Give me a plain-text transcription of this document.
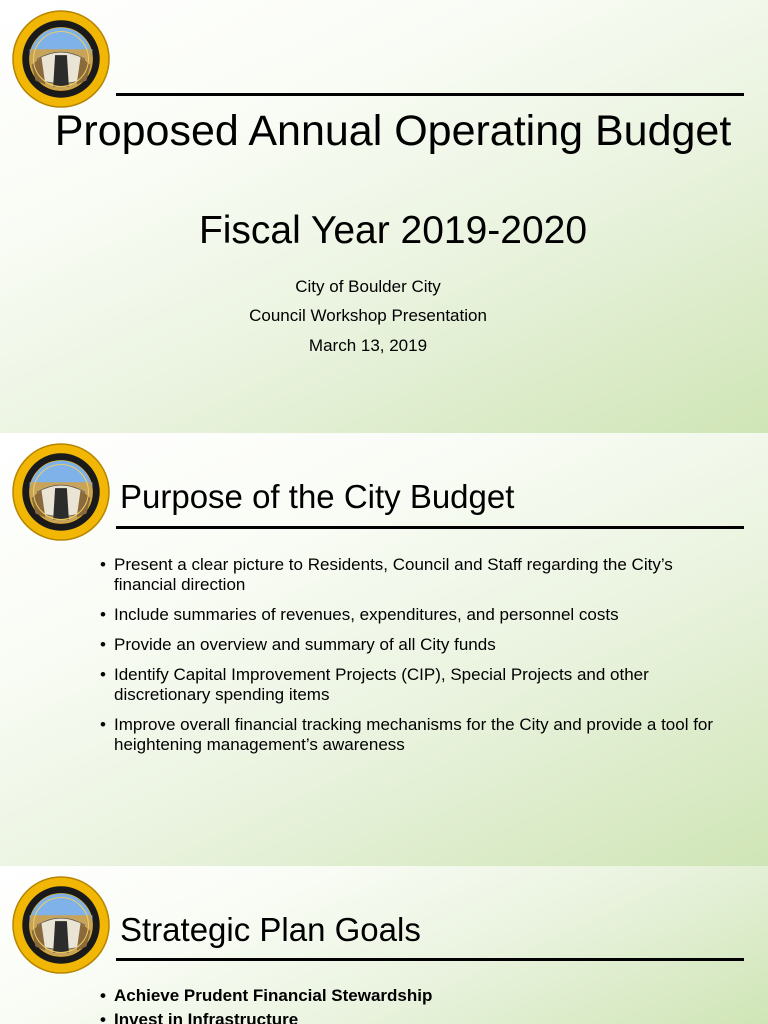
Proposed Annual Operating Budget
Fiscal Year 2019-2020
City of Boulder City
Council Workshop Presentation
March 13, 2019
Purpose of the City Budget
• Present a clear picture to Residents, Council and Staff regarding the City’s financial direction
• Include summaries of revenues, expenditures, and personnel costs
• Provide an overview and summary of all City funds
• Identify Capital Improvement Projects (CIP), Special Projects and other discretionary spending items
• Improve overall financial tracking mechanisms for the City and provide a tool for heightening management’s awareness
Strategic Plan Goals
• Achieve Prudent Financial Stewardship
• Invest in Infrastructure
